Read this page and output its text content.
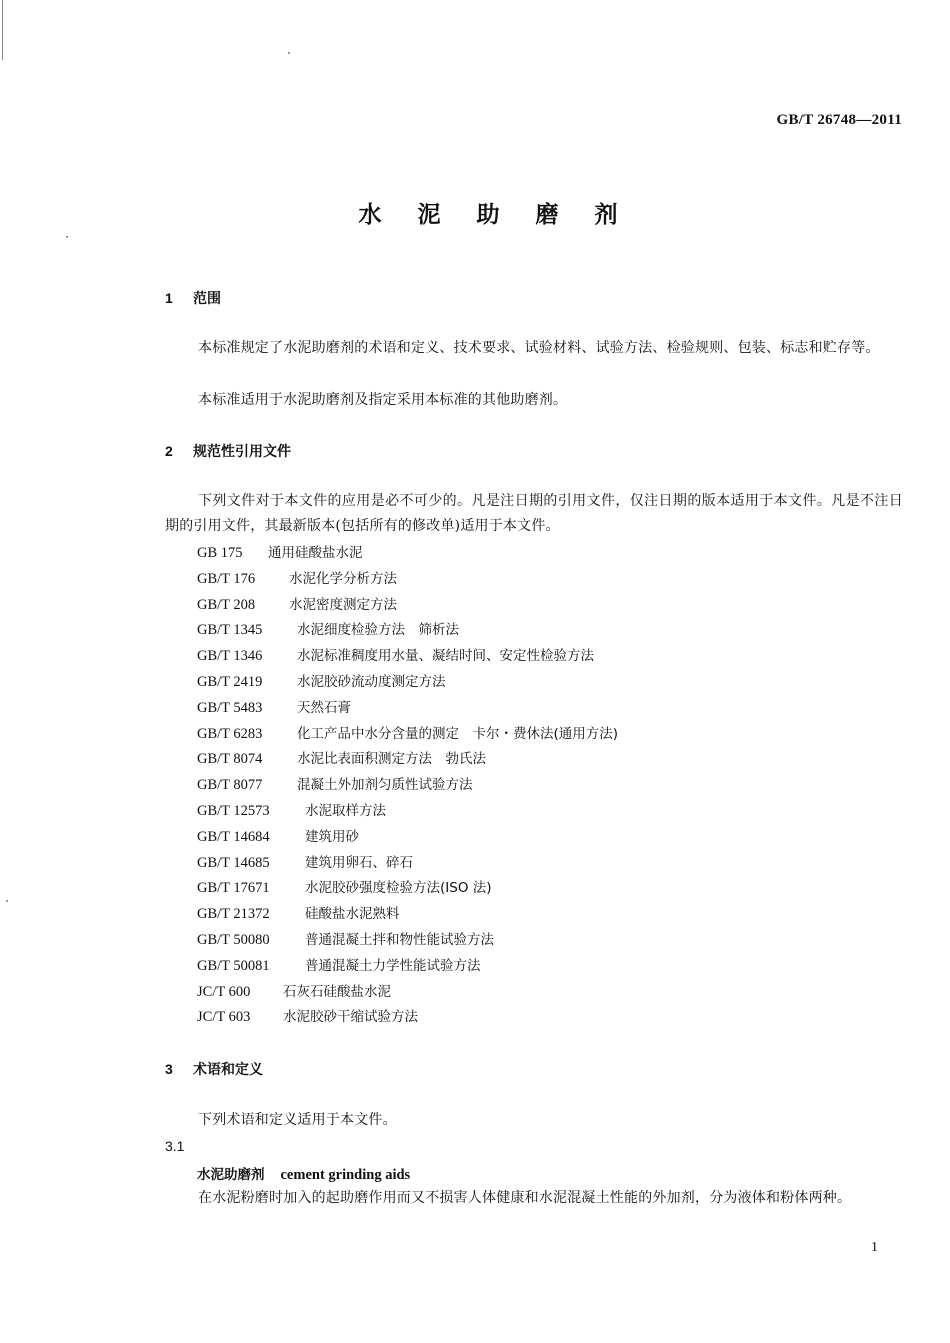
GB/T 26748—2011
水 泥 助 磨 剂
1 范围
本标准规定了水泥助磨剂的术语和定义、技术要求、试验材料、试验方法、检验规则、包装、标志和贮存等。
本标准适用于水泥助磨剂及指定采用本标准的其他助磨剂。
2 规范性引用文件
下列文件对于本文件的应用是必不可少的。凡是注日期的引用文件，仅注日期的版本适用于本文件。凡是不注日期的引用文件，其最新版本(包括所有的修改单)适用于本文件。
GB 175 通用硅酸盐水泥
GB/T 176	水泥化学分析方法
GB/T 208	水泥密度测定方法
GB/T 1345	水泥细度检验方法　筛析法
GB/T 1346	水泥标准稠度用水量、凝结时间、安定性检验方法
GB/T 2419	水泥胶砂流动度测定方法
GB/T 5483	天然石膏
GB/T 6283	化工产品中水分含量的测定　卡尔・费休法(通用方法)
GB/T 8074	水泥比表面积测定方法　勃氏法
GB/T 8077	混凝土外加剂匀质性试验方法
GB/T 12573	水泥取样方法
GB/T 14684	建筑用砂
GB/T 14685	建筑用卵石、碎石
GB/T 17671	水泥胶砂强度检验方法(ISO 法)
GB/T 21372	硅酸盐水泥熟料
GB/T 50080	普通混凝土拌和物性能试验方法
GB/T 50081	普通混凝土力学性能试验方法
JC/T 600 石灰石硅酸盐水泥
JC/T 603 水泥胶砂干缩试验方法
3 术语和定义
下列术语和定义适用于本文件。
3.1
水泥助磨剂 cement grinding aids
在水泥粉磨时加入的起助磨作用而又不损害人体健康和水泥混凝土性能的外加剂，分为液体和粉体两种。
1
